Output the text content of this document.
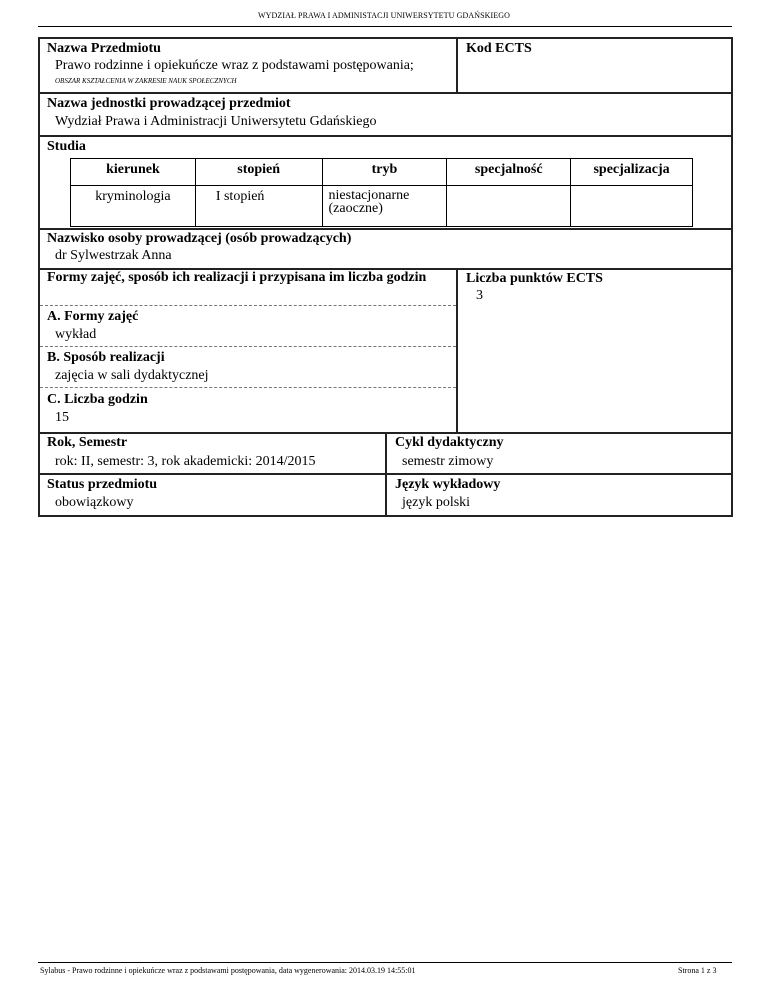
WYDZIAŁ PRAWA I ADMINISTACJI UNIWERSYTETU GDAŃSKIEGO
Nazwa Przedmiotu
Prawo rodzinne i opiekuńcze wraz z podstawami postępowania;
OBSZAR KSZTAŁCENIA W ZAKRESIE NAUK SPOŁECZNYCH
Kod ECTS
Nazwa jednostki prowadzącej przedmiot
Wydział Prawa i Administracji Uniwersytetu Gdańskiego
Studia
kierunek	stopień	tryb	specjalność	specjalizacja
kryminologia	I stopień	niestacjonarne (zaoczne)		
Nazwisko osoby prowadzącej (osób prowadzących)
dr Sylwestrzak Anna
Formy zajęć, sposób ich realizacji i przypisana im liczba godzin
A. Formy zajęć
wykład
B. Sposób realizacji
zajęcia w sali dydaktycznej
C. Liczba godzin
15
Liczba punktów ECTS
3
Rok, Semestr
rok: II, semestr: 3, rok akademicki: 2014/2015
Cykl dydaktyczny
semestr zimowy
Status przedmiotu
obowiązkowy
Język wykładowy
język polski
Sylabus - Prawo rodzinne i opiekuńcze wraz z podstawami postępowania, data wygenerowania: 2014.03.19 14:55:01	Strona 1 z 3
